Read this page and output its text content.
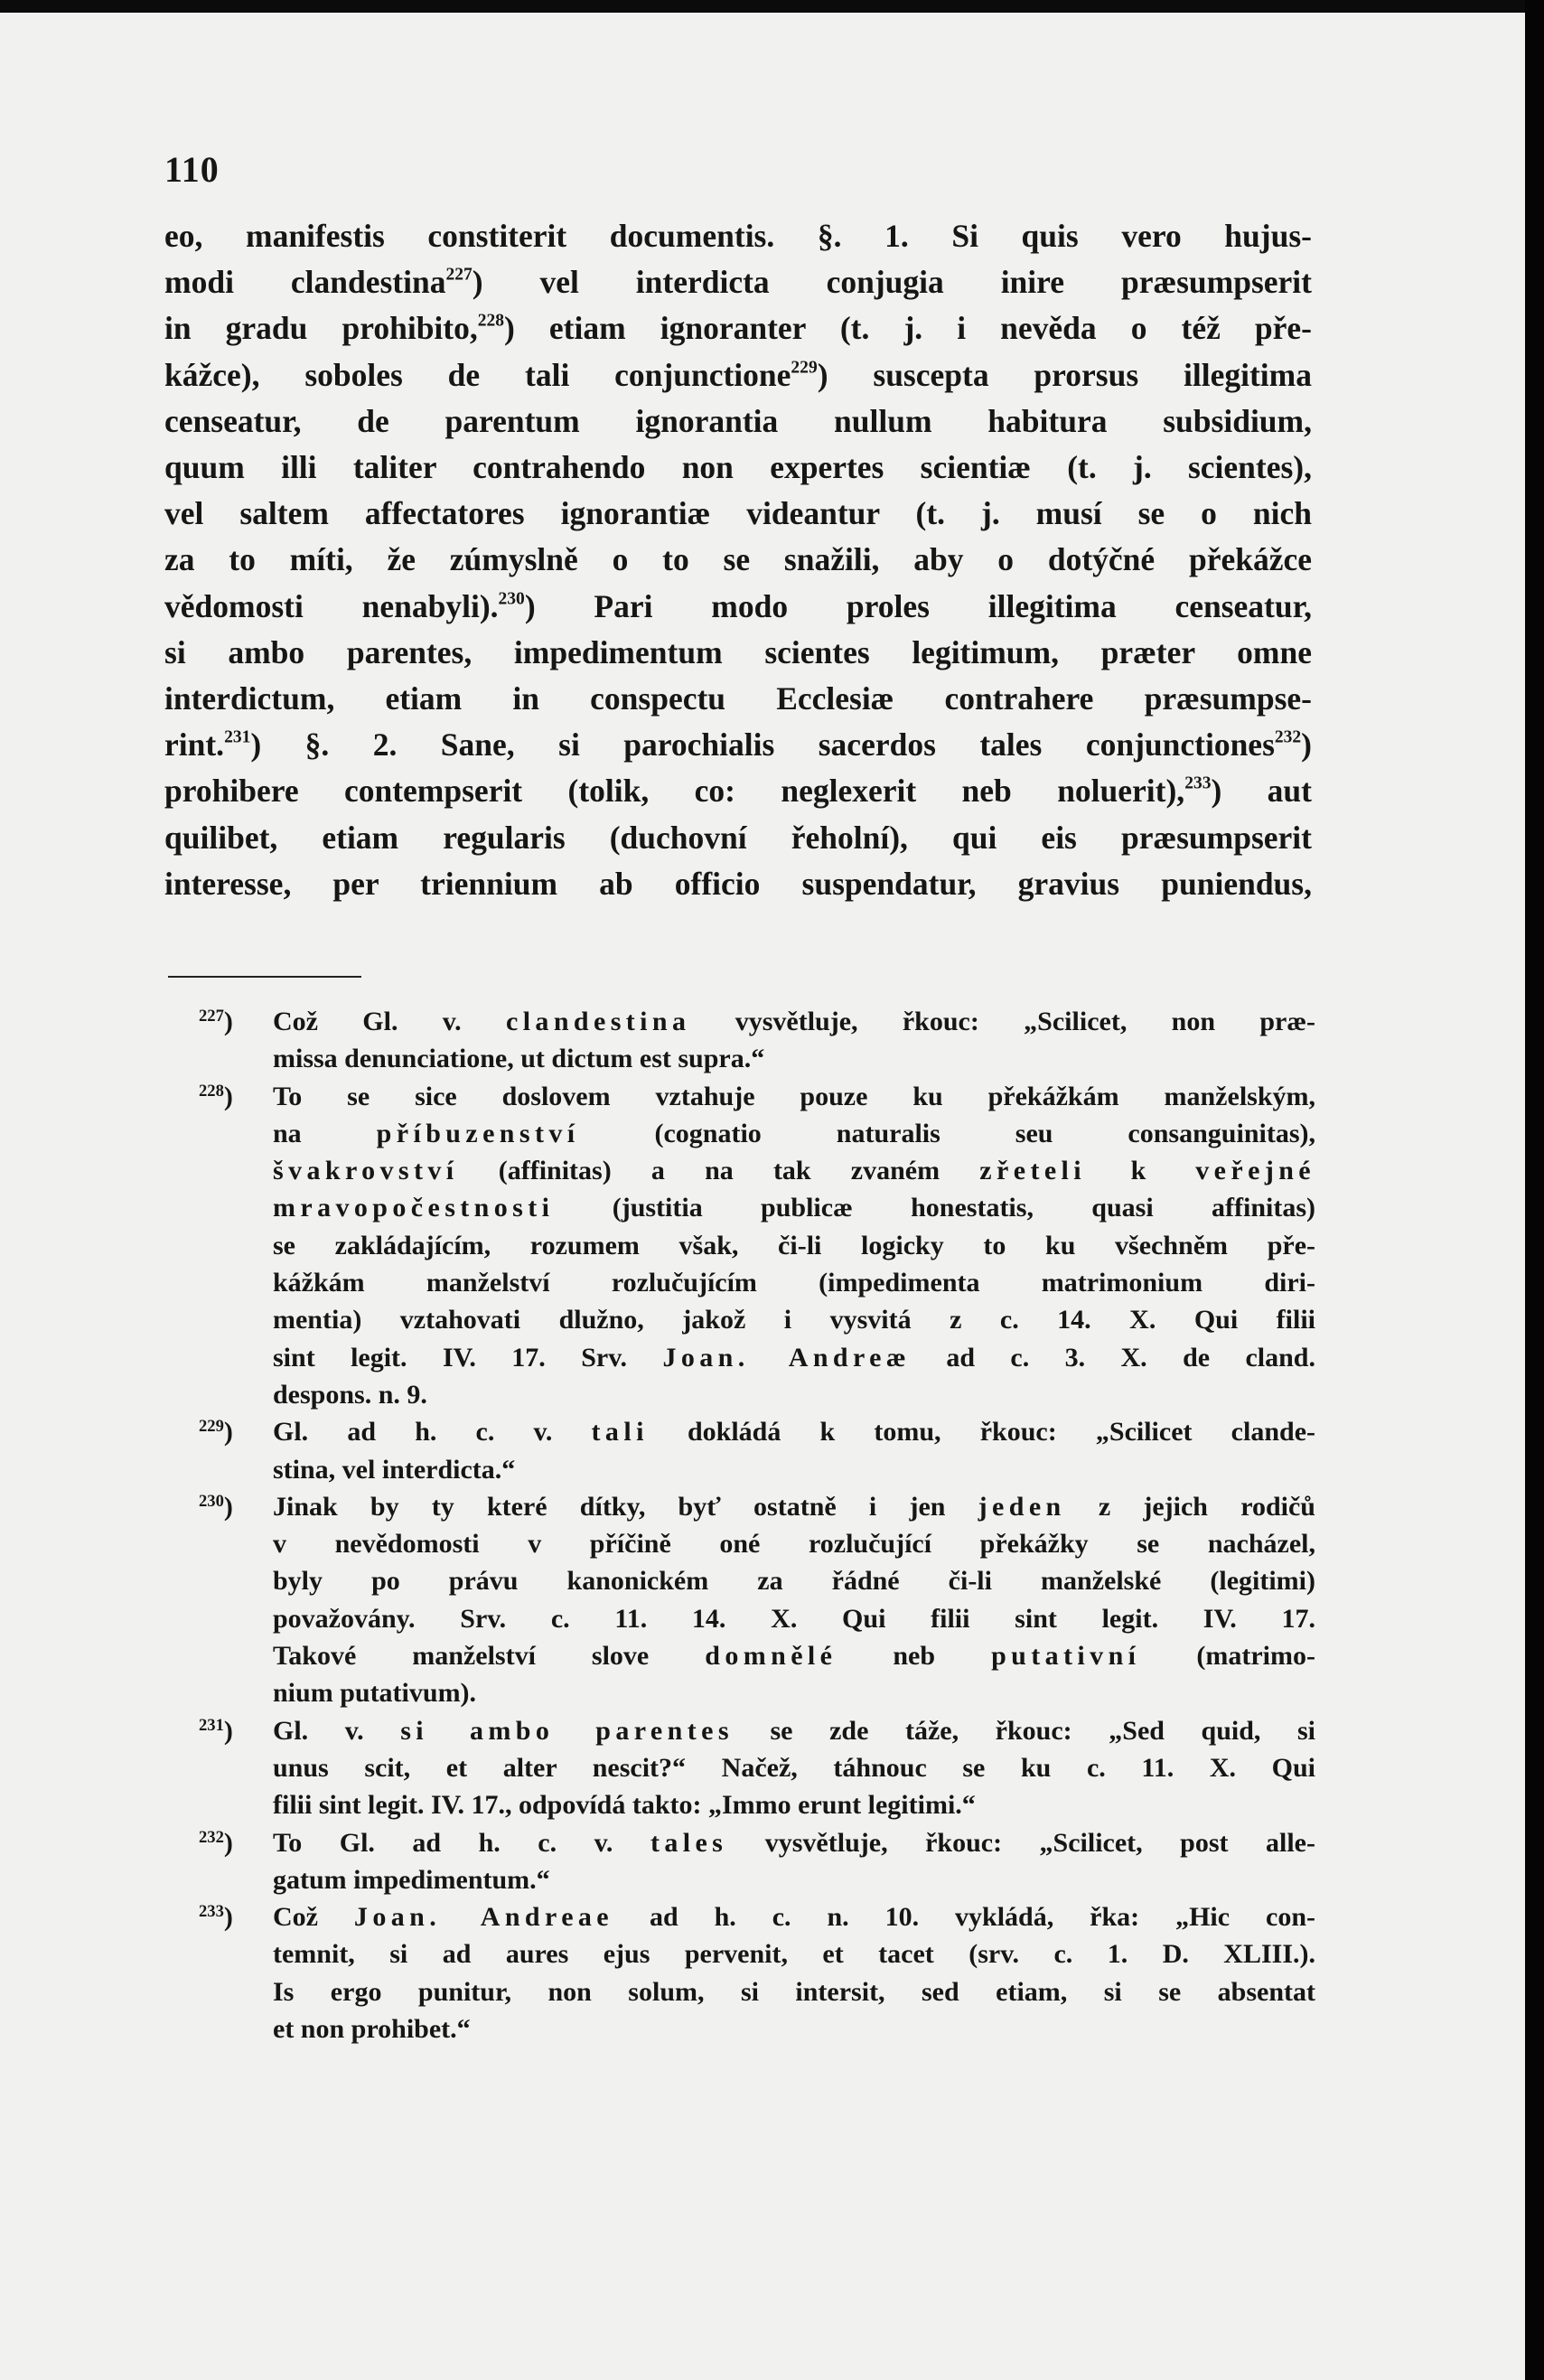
110
eo, manifestis constiterit documentis. §. 1. Si quis vero hujus-
modi clandestina$^{227}$) vel interdicta conjugia inire præsumpserit
in gradu prohibito,$^{228}$) etiam ignoranter (t. j. i nevěda o též pře-
kážce), soboles de tali conjunctione$^{229}$) suscepta prorsus illegitima
censeatur, de parentum ignorantia nullum habitura subsidium,
quum illi taliter contrahendo non expertes scientiæ (t. j. scientes),
vel saltem affectatores ignorantiæ videantur (t. j. musí se o nich
za to míti, že zúmyslně o to se snažili, aby o dotýčné překážce
vědomosti nenabyli).$^{230}$) Pari modo proles illegitima censeatur,
si ambo parentes, impedimentum scientes legitimum, præter omne
interdictum, etiam in conspectu Ecclesiæ contrahere præsumpse-
rint.$^{231}$) §. 2. Sane, si parochialis sacerdos tales conjunctiones$^{232}$)
prohibere contempserit (tolik, co: neglexerit neb noluerit),$^{233}$) aut
quilibet, etiam regularis (duchovní řeholní), qui eis præsumpserit
interesse, per triennium ab officio suspendatur, gravius puniendus,
$^{227}$) Což Gl. v. clandestina vysvětluje, řkouc: „Scilicet, non præ-
missa denunciatione, ut dictum est supra.“
$^{228}$) To se sice doslovem vztahuje pouze ku překážkám manželským,
na příbuzenství (cognatio naturalis seu consanguinitas),
švakrovství (affinitas) a na tak zvaném zřeteli k veřejné
mravopočestnosti (justitia publicæ honestatis, quasi affinitas)
se zakládajícím, rozumem však, či-li logicky to ku všechněm pře-
kážkám manželství rozlučujícím (impedimenta matrimonium diri-
mentia) vztahovati dlužno, jakož i vysvitá z c. 14. X. Qui filii
sint legit. IV. 17. Srv. Joan. Andreæ ad c. 3. X. de cland.
despons. n. 9.
$^{229}$) Gl. ad h. c. v. tali dokládá k tomu, řkouc: „Scilicet clande-
stina, vel interdicta.“
$^{230}$) Jinak by ty které dítky, byť ostatně i jen jeden z jejich rodičů
v nevědomosti v příčině oné rozlučující překážky se nacházel,
byly po právu kanonickém za řádné či-li manželské (legitimi)
považovány. Srv. c. 11. 14. X. Qui filii sint legit. IV. 17.
Takové manželství slove domnělé neb putativní (matrimo-
nium putativum).
$^{231}$) Gl. v. si ambo parentes se zde táže, řkouc: „Sed quid, si
unus scit, et alter nescit?“ Načež, táhnouc se ku c. 11. X. Qui
filii sint legit. IV. 17., odpovídá takto: „Immo erunt legitimi.“
$^{232}$) To Gl. ad h. c. v. tales vysvětluje, řkouc: „Scilicet, post alle-
gatum impedimentum.“
$^{233}$) Což Joan. Andreae ad h. c. n. 10. vykládá, řka: „Hic con-
temnit, si ad aures ejus pervenit, et tacet (srv. c. 1. D. XLIII.).
Is ergo punitur, non solum, si intersit, sed etiam, si se absentat
et non prohibet.“
